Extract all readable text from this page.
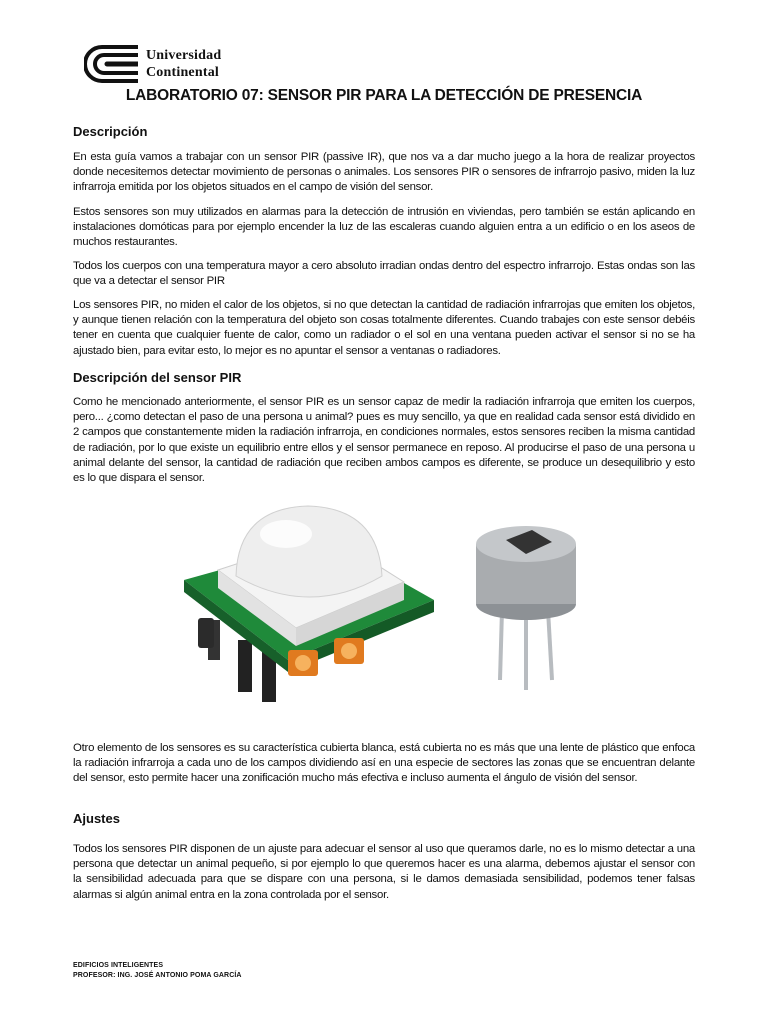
Universidad
Continental
LABORATORIO 07: SENSOR PIR PARA LA DETECCIÓN DE PRESENCIA
Descripción
En esta guía vamos a trabajar con un sensor PIR (passive IR), que nos va a dar mucho juego a la hora de realizar proyectos donde necesitemos detectar movimiento de personas o animales. Los sensores PIR o sensores de infrarrojo pasivo, miden la luz infrarroja emitida por los objetos situados en el campo de visión del sensor.
Estos sensores son muy utilizados en alarmas para la detección de intrusión en viviendas, pero también se están aplicando en instalaciones domóticas para por ejemplo encender la luz de las escaleras cuando alguien entra a un edificio o en los aseos de muchos restaurantes.
Todos los cuerpos con una temperatura mayor a cero absoluto irradian ondas dentro del espectro infrarrojo. Estas ondas son las que va a detectar el sensor PIR
Los sensores PIR, no miden el calor de los objetos, si no que detectan la cantidad de radiación infrarrojas que emiten los objetos, y aunque tienen relación con la temperatura del objeto son cosas totalmente diferentes. Cuando trabajes con este sensor debéis tener en cuenta que cualquier fuente de calor, como un radiador o el sol en una ventana pueden activar el sensor si no se ha ajustado bien, para evitar esto, lo mejor es no apuntar el sensor a ventanas o radiadores.
Descripción del sensor PIR
Como he mencionado anteriormente, el sensor PIR es un sensor capaz de medir la radiación infrarroja que emiten los cuerpos, pero... ¿como detectan el paso de una persona u animal? pues es muy sencillo, ya que en realidad cada sensor está dividido en 2 campos que constantemente miden la radiación infrarroja, en condiciones normales, estos sensores reciben la misma cantidad de radiación, por lo que existe un equilibrio entre ellos y el sensor permanece en reposo. Al producirse el paso de una persona u animal delante del sensor, la cantidad de radiación que reciben ambos campos es diferente, se produce un desequilibrio y esto es lo que dispara el sensor.
Otro elemento de los sensores es su característica cubierta blanca, está cubierta no es más que una lente de plástico que enfoca la radiación infrarroja a cada uno de los campos dividiendo así en una especie de sectores las zonas que se encuentran delante del sensor, esto permite hacer una zonificación mucho más efectiva e incluso aumenta el ángulo de visión del sensor.
Ajustes
Todos los sensores PIR disponen de un ajuste para adecuar el sensor al uso que queramos darle, no es lo mismo detectar a una persona que detectar un animal pequeño, si por ejemplo lo que queremos hacer es una alarma, debemos ajustar el sensor con la sensibilidad adecuada para que se dispare con una persona, si le damos demasiada sensibilidad, podemos tener falsas alarmas si algún animal entra en la zona controlada por el sensor.
EDIFICIOS INTELIGENTES
PROFESOR: ING. JOSÉ ANTONIO POMA GARCÍA
